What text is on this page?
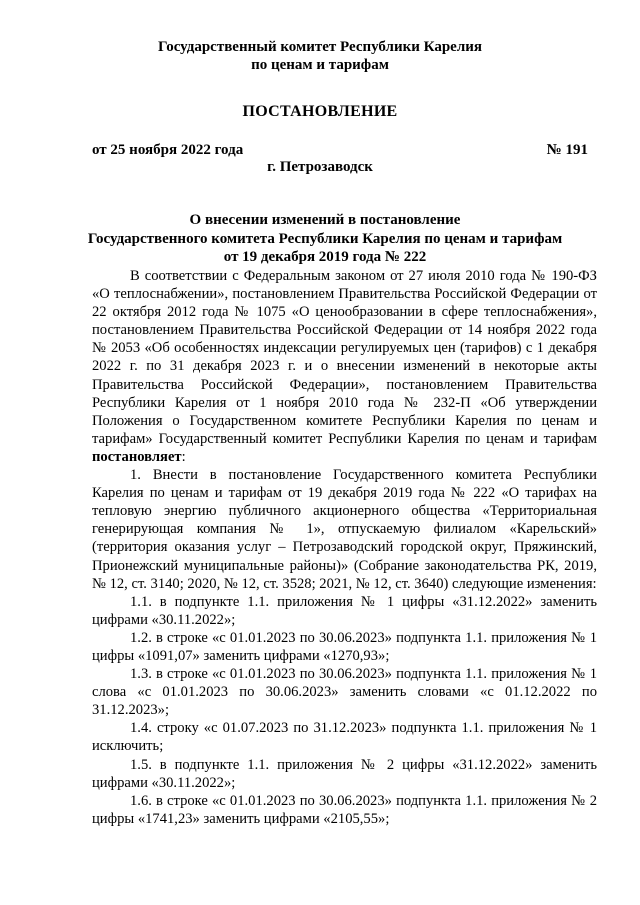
Государственный комитет Республики Карелия
по ценам и тарифам
ПОСТАНОВЛЕНИЕ
от 25 ноября 2022 года	№ 191
г. Петрозаводск
О внесении изменений в постановление
Государственного комитета Республики Карелия по ценам и тарифам
от 19 декабря 2019 года № 222

В соответствии с Федеральным законом от 27 июля 2010 года № 190-ФЗ «О теплоснабжении», постановлением Правительства Российской Федерации от 22 октября 2012 года № 1075 «О ценообразовании в сфере теплоснабжения», постановлением Правительства Российской Федерации от 14 ноября 2022 года № 2053 «Об особенностях индексации регулируемых цен (тарифов) с 1 декабря 2022 г. по 31 декабря 2023 г. и о внесении изменений в некоторые акты Правительства Российской Федерации», постановлением Правительства Республики Карелия от 1 ноября 2010 года № 232-П «Об утверждении Положения о Государственном комитете Республики Карелия по ценам и тарифам» Государственный комитет Республики Карелия по ценам и тарифам постановляет:

1. Внести в постановление Государственного комитета Республики Карелия по ценам и тарифам от 19 декабря 2019 года № 222 «О тарифах на тепловую энергию публичного акционерного общества «Территориальная генерирующая компания № 1», отпускаемую филиалом «Карельский» (территория оказания услуг – Петрозаводский городской округ, Пряжинский, Прионежский муниципальные районы)» (Собрание законодательства РК, 2019, № 12, ст. 3140; 2020, № 12, ст. 3528; 2021, № 12, ст. 3640) следующие изменения:

1.1. в подпункте 1.1. приложения № 1 цифры «31.12.2022» заменить цифрами «30.11.2022»;

1.2. в строке «с 01.01.2023 по 30.06.2023» подпункта 1.1. приложения № 1 цифры «1091,07» заменить цифрами «1270,93»;

1.3. в строке «с 01.01.2023 по 30.06.2023» подпункта 1.1. приложения № 1 слова «с 01.01.2023 по 30.06.2023» заменить словами «с 01.12.2022 по 31.12.2023»;

1.4. строку «с 01.07.2023 по 31.12.2023» подпункта 1.1. приложения № 1 исключить;

1.5. в подпункте 1.1. приложения № 2 цифры «31.12.2022» заменить цифрами «30.11.2022»;

1.6. в строке «с 01.01.2023 по 30.06.2023» подпункта 1.1. приложения № 2 цифры «1741,23» заменить цифрами «2105,55»;
